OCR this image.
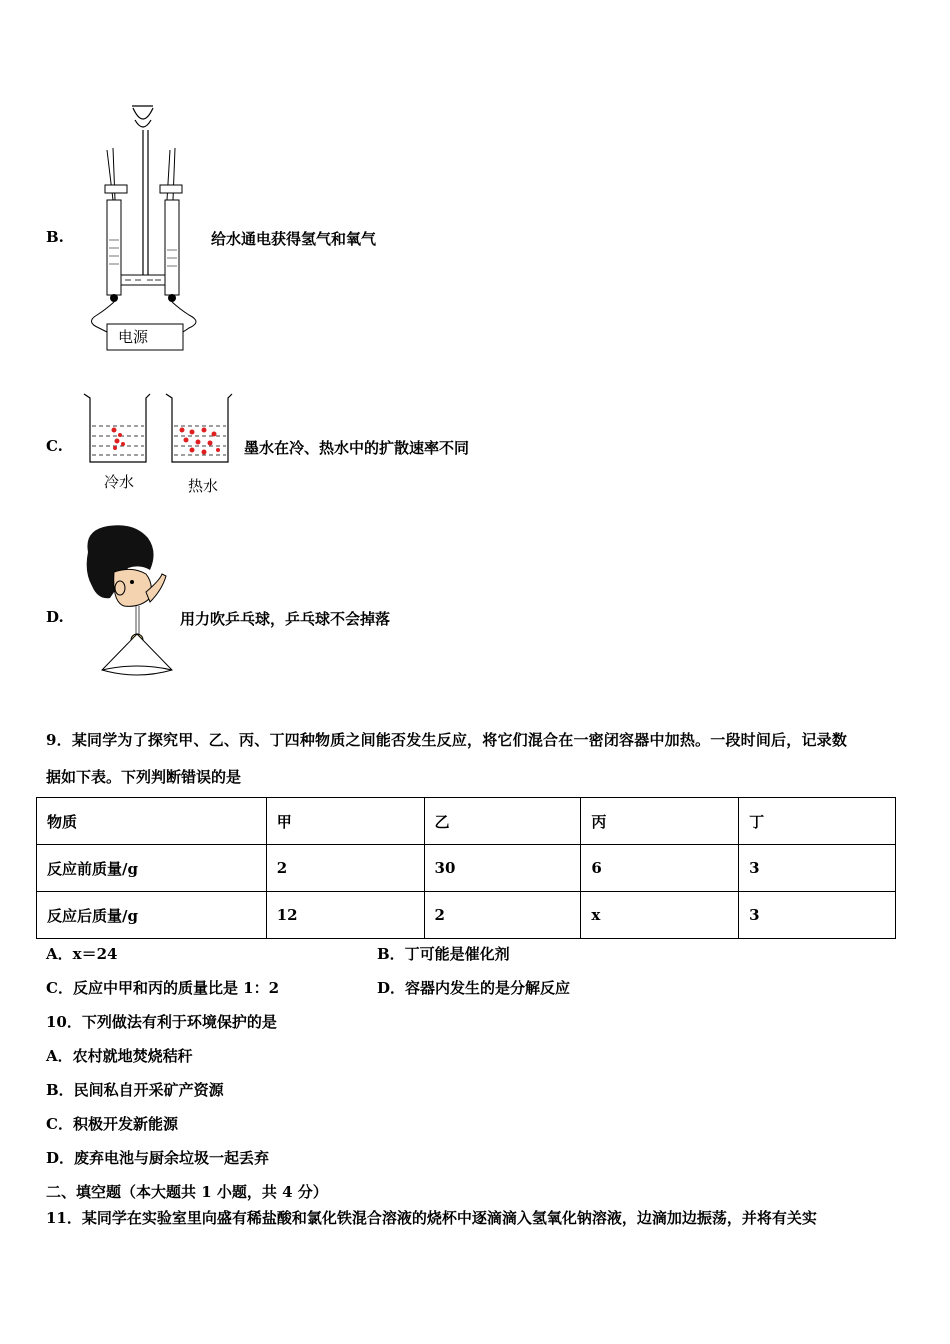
B.
电源
给水通电获得氢气和氧气
C.
冷水	热水
墨水在冷、热水中的扩散速率不同
D.	用力吹乒乓球，乒乓球不会掉落
9．某同学为了探究甲、乙、丙、丁四种物质之间能否发生反应，将它们混合在一密闭容器中加热。一段时间后，记录数
据如下表。下列判断错误的是
物质	甲	乙	丙	丁
反应前质量/g	2	30	6	3
反应后质量/g	12	2	x	3
A．x＝24	B．丁可能是催化剂
C．反应中甲和丙的质量比是 1：2	D．容器内发生的是分解反应
10．下列做法有利于环境保护的是
A．农村就地焚烧秸秆
B．民间私自开采矿产资源
C．积极开发新能源
D．废弃电池与厨余垃圾一起丢弃
二、填空题（本大题共 1 小题，共 4 分）
11．某同学在实验室里向盛有稀盐酸和氯化铁混合溶液的烧杯中逐滴滴入氢氧化钠溶液，边滴加边振荡，并将有关实
